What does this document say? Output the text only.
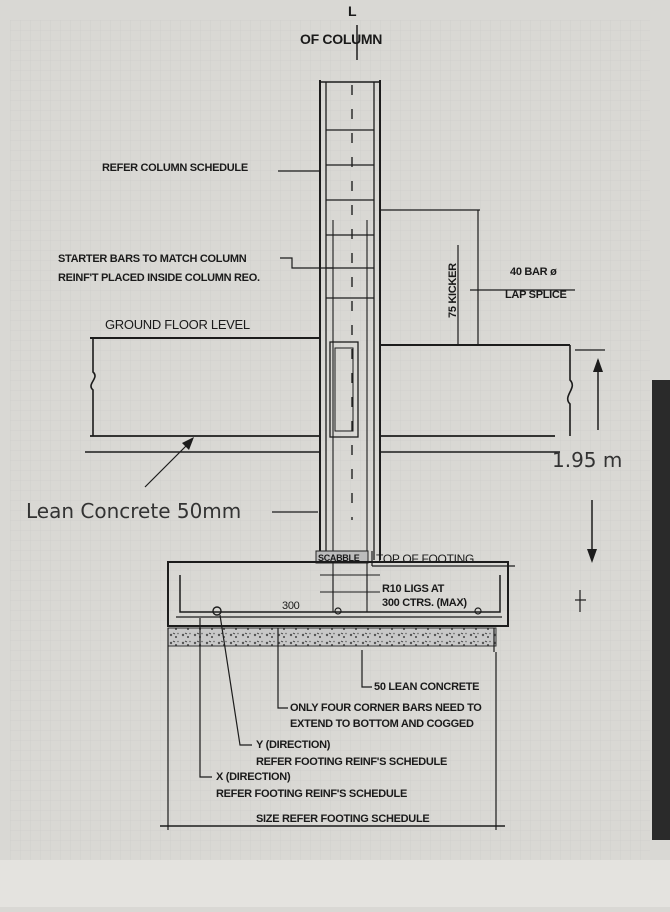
L
OF COLUMN
REFER COLUMN SCHEDULE
STARTER BARS TO MATCH COLUMN
REINF'T PLACED INSIDE COLUMN REO.	40 BAR ø
LAP SPLICE
75 KICKER
GROUND FLOOR LEVEL
1.95 m
Lean Concrete 50mm
SCABBLE TOP OF FOOTING
300
R10 LIGS AT
300 CTRS. (MAX)
50 LEAN CONCRETE
ONLY FOUR CORNER BARS NEED TO
EXTEND TO BOTTOM AND COGGED
Y (DIRECTION)
REFER FOOTING REINF'S SCHEDULE
X (DIRECTION)
REFER FOOTING REINF'S SCHEDULE
SIZE REFER FOOTING SCHEDULE
